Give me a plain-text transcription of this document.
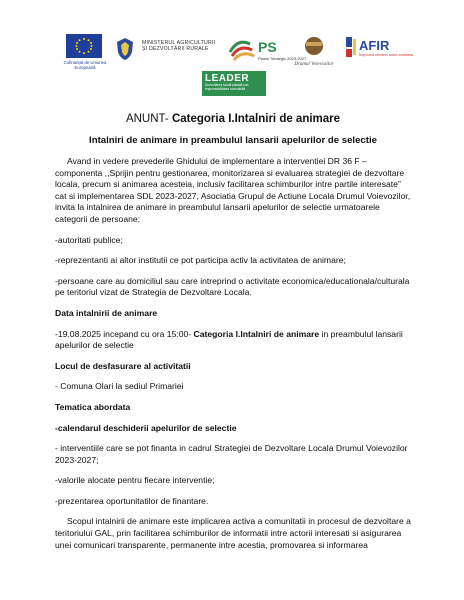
Cofinanțat de Uniunea Europeană
MINISTERUL AGRICULTURII ȘI DEZVOLTĂRII RURALE	PS
Planul Strategic 2023-2027
Drumul Voievozilor
AFIR
Împreună creștem satul românesc
LEADER
Dezvoltarea locală plasată sub responsabilitatea comunității
ANUNT- Categoria I.Intalniri de animare
Intalniri de animare in preambulul lansarii apelurilor de selectie

Avand in vedere prevederile Ghidului de implementare a interventiei DR 36 F – componenta ,,Sprijin pentru gestionarea, monitorizarea si evaluarea strategiei de dezvoltare locala, precum si animarea acesteia, inclusiv facilitarea schimburilor intre partile interesate” cat si implementarea SDL 2023-2027, Asociatia Grupul de Actiune Locala Drumul Voievozilor, invita la intalnirea de animare in preambulul lansarii apelurilor de selectie urmatoarele categorii de persoane:

-autoritati publice;

-reprezentanti ai altor institutii ce pot participa activ la activitatea de animare;

-persoane care au domiciliul sau care intreprind o activitate economica/educationala/culturala pe teritoriul vizat de Strategia de Dezvoltare Locala.

Data intalnirii de animare

-19.08.2025 incepand cu ora 15:00- Categoria I.Intalniri de animare in preambulul lansarii apelurilor de selectie

Locul de desfasurare al activitatii

- Comuna Olari la sediul Primariei

Tematica abordata

-calendarul deschiderii apelurilor de selectie

- interventiile care se pot finanta in cadrul Strategiei de Dezvoltare Locala Drumul Voievozilor 2023-2027;

-valorile alocate pentru fiecare interventie;

-prezentarea oportunitatilor de finantare.

Scopul intalnirii de animare este implicarea activa a comunitatii in procesul de dezvoltare a teritoriului GAL, prin facilitarea schimburilor de informatii intre actorii interesati si asigurarea unei comunicari transparente, permanente intre acestia, promovarea si informarea
